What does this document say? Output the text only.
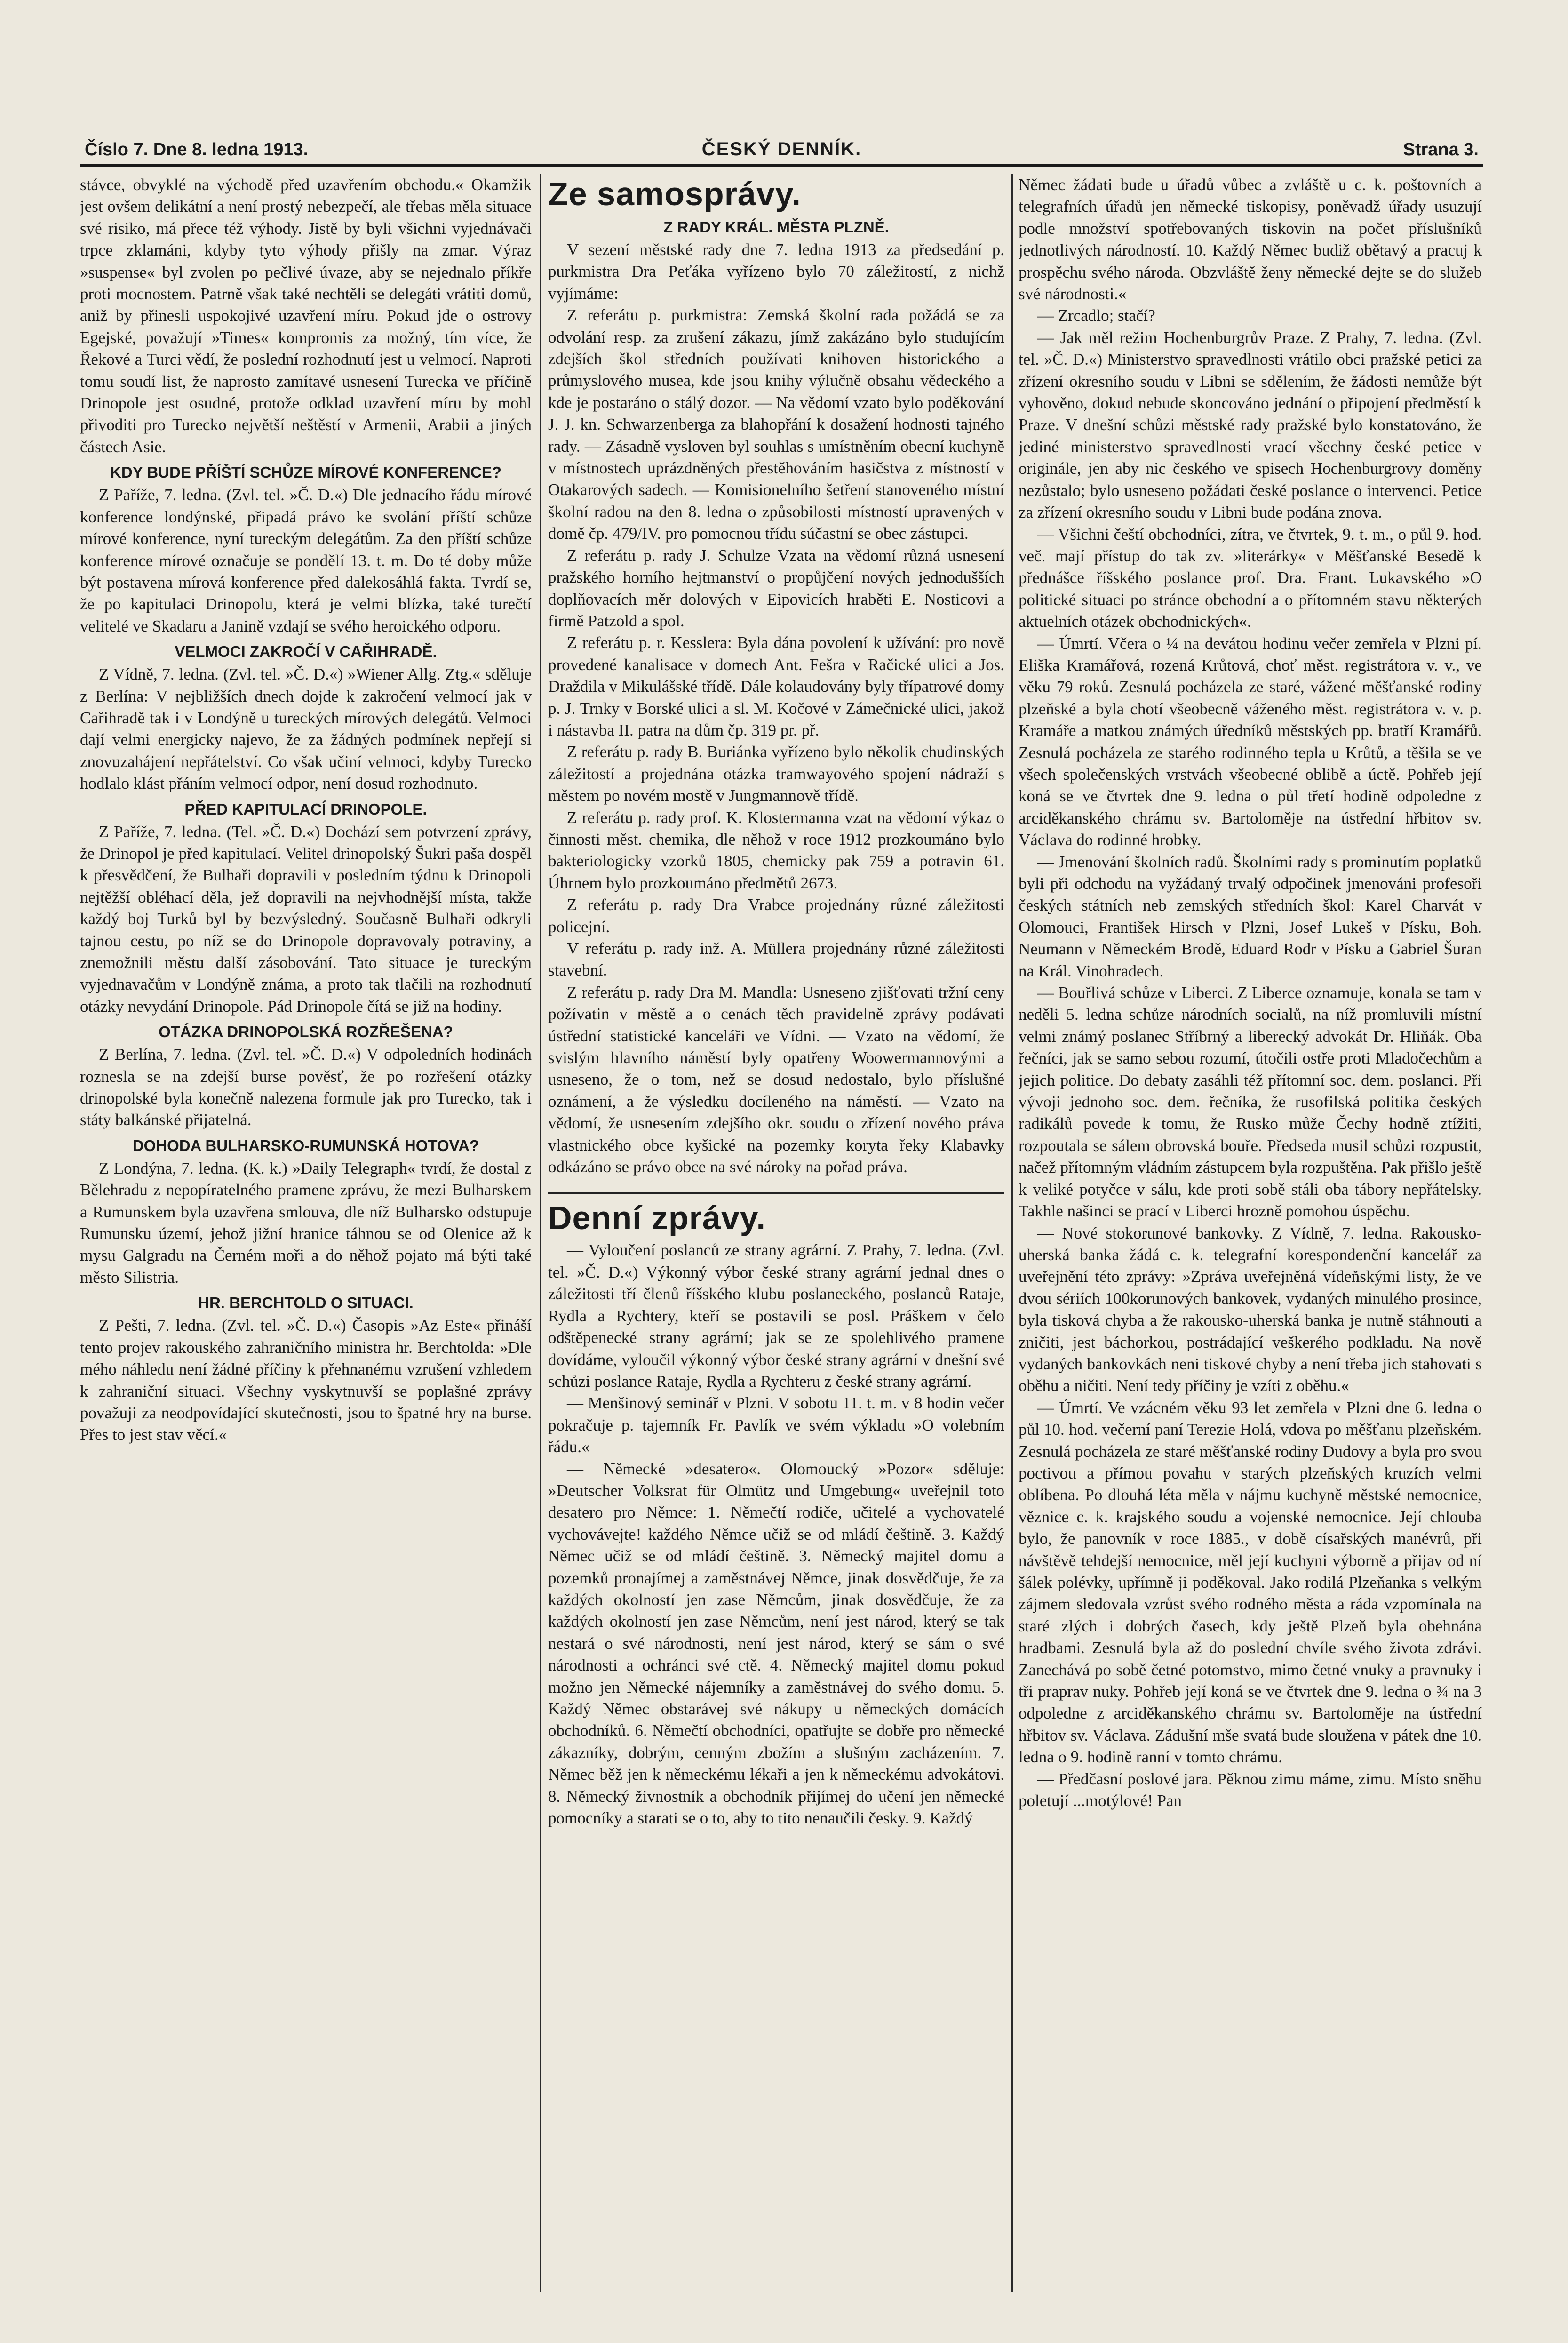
Číslo 7. Dne 8. ledna 1913.	ČESKÝ DENNÍK.	Strana 3.

stávce, obvyklé na východě před uzavřením obchodu.« Okamžik jest ovšem delikátní a není prostý nebezpečí, ale třebas měla situace své risiko, má přece též výhody. Jistě by byli všichni vyjednávači trpce zklamáni, kdyby tyto výhody přišly na zmar. Výraz »suspense« byl zvolen po pečlivé úvaze, aby se nejednalo příkře proti mocnostem. Patrně však také nechtěli se delegáti vrátiti domů, aniž by přinesli uspokojivé uzavření míru. Pokud jde o ostrovy Egejské, považují »Times« kompromis za možný, tím více, že Řekové a Turci vědí, že poslední rozhodnutí jest u velmocí. Naproti tomu soudí list, že naprosto zamítavé usnesení Turecka ve příčině Drinopole jest osudné, protože odklad uzavření míru by mohl přivoditi pro Turecko největší neštěstí v Armenii, Arabii a jiných částech Asie.

KDY BUDE PŘÍŠTÍ SCHŮZE MÍROVÉ KONFERENCE?

Z Paříže, 7. ledna. (Zvl. tel. »Č. D.«) Dle jednacího řádu mírové konference londýnské, připadá právo ke svolání příští schůze mírové konference, nyní tureckým delegátům. Za den příští schůze konference mírové označuje se pondělí 13. t. m. Do té doby může být postavena mírová konference před dalekosáhlá fakta. Tvrdí se, že po kapitulaci Drinopolu, která je velmi blízka, také turečtí velitelé ve Skadaru a Janině vzdají se svého heroického odporu.

VELMOCI ZAKROČÍ V CAŘIHRADĚ.

Z Vídně, 7. ledna. (Zvl. tel. »Č. D.«) »Wiener Allg. Ztg.« sděluje z Berlína: V nejbližších dnech dojde k zakročení velmocí jak v Cařihradě tak i v Londýně u tureckých mírových delegátů. Velmoci dají velmi energicky najevo, že za žádných podmínek nepřejí si znovuzahájení nepřátelství. Co však učiní velmoci, kdyby Turecko hodlalo klást přáním velmocí odpor, není dosud rozhodnuto.

PŘED KAPITULACÍ DRINOPOLE.

Z Paříže, 7. ledna. (Tel. »Č. D.«) Dochází sem potvrzení zprávy, že Drinopol je před kapitulací. Velitel drinopolský Šukri paša dospěl k přesvědčení, že Bulhaři dopravili v posledním týdnu k Drinopoli nejtěžší obléhací děla, jež dopravili na nejvhodnější místa, takže každý boj Turků byl by bezvýsledný. Současně Bulhaři odkryli tajnou cestu, po níž se do Drinopole dopravovaly potraviny, a znemožnili městu další zásobování. Tato situace je tureckým vyjednavačům v Londýně známa, a proto tak tlačili na rozhodnutí otázky nevydání Drinopole. Pád Drinopole čítá se již na hodiny.

OTÁZKA DRINOPOLSKÁ ROZŘEŠENA?

Z Berlína, 7. ledna. (Zvl. tel. »Č. D.«) V odpoledních hodinách roznesla se na zdejší burse pověsť, že po rozřešení otázky drinopolské byla konečně nalezena formule jak pro Turecko, tak i státy balkánské přijatelná.

DOHODA BULHARSKO-RUMUNSKÁ HOTOVA?

Z Londýna, 7. ledna. (K. k.) »Daily Telegraph« tvrdí, že dostal z Bělehradu z nepopíratelného pramene zprávu, že mezi Bulharskem a Rumunskem byla uzavřena smlouva, dle níž Bulharsko odstupuje Rumunsku území, jehož jižní hranice táhnou se od Olenice až k mysu Galgradu na Černém moři a do něhož pojato má býti také město Silistria.

HR. BERCHTOLD O SITUACI.

Z Pešti, 7. ledna. (Zvl. tel. »Č. D.«) Časopis »Az Este« přináší tento projev rakouského zahraničního ministra hr. Berchtolda: »Dle mého náhledu není žádné příčiny k přehnanému vzrušení vzhledem k zahraniční situaci. Všechny vyskytnuvší se poplašné zprávy považuji za neodpovídající skutečnosti, jsou to špatné hry na burse. Přes to jest stav věcí.«

Ze samosprávy.
Z RADY KRÁL. MĚSTA PLZNĚ.

V sezení městské rady dne 7. ledna 1913 za předsedání p. purkmistra Dra Peťáka vyřízeno bylo 70 záležitostí, z nichž vyjímáme:

Z referátu p. purkmistra: Zemská školní rada požádá se za odvolání resp. za zrušení zákazu, jímž zakázáno bylo studujícím zdejších škol středních používati knihoven historického a průmyslového musea, kde jsou knihy výlučně obsahu vědeckého a kde je postaráno o stálý dozor. — Na vědomí vzato bylo poděkování J. J. kn. Schwarzenberga za blahopřání k dosažení hodnosti tajného rady. — Zásadně vysloven byl souhlas s umístněním obecní kuchyně v místnostech uprázdněných přestěhováním hasičstva z místností v Otakarových sadech. — Komisionelního šetření stanoveného místní školní radou na den 8. ledna o způsobilosti místností upravených v domě čp. 479/IV. pro pomocnou třídu súčastní se obec zástupci.

Z referátu p. rady J. Schulze Vzata na vědomí různá usnesení pražského horního hejtmanství o propůjčení nových jednodušších doplňovacích měr dolových v Eipovicích hraběti E. Nosticovi a firmě Patzold a spol.

Z referátu p. r. Kesslera: Byla dána povolení k užívání: pro nově provedené kanalisace v domech Ant. Fešra v Račické ulici a Jos. Draždila v Mikulášské třídě. Dále kolaudovány byly třípatrové domy p. J. Trnky v Borské ulici a sl. M. Kočové v Zámečnické ulici, jakož i nástavba II. patra na dům čp. 319 pr. př.

Z referátu p. rady B. Buriánka vyřízeno bylo několik chudinských záležitostí a projednána otázka tramwayového spojení nádraží s městem po novém mostě v Jungmannově třídě.

Z referátu p. rady prof. K. Klostermanna vzat na vědomí výkaz o činnosti měst. chemika, dle něhož v roce 1912 prozkoumáno bylo bakteriologicky vzorků 1805, chemicky pak 759 a potravin 61. Úhrnem bylo prozkoumáno předmětů 2673.

Z referátu p. rady Dra Vrabce projednány různé záležitosti policejní.

V referátu p. rady inž. A. Müllera projednány různé záležitosti stavební.

Z referátu p. rady Dra M. Mandla: Usneseno zjišťovati tržní ceny požívatin v městě a o cenách těch pravidelně zprávy podávati ústřední statistické kanceláři ve Vídni. — Vzato na vědomí, že svislým hlavního náměstí byly opatřeny Woowermannovými a usneseno, že o tom, než se dosud nedostalo, bylo příslušné oznámení, a že výsledku docíleného na náměstí. — Vzato na vědomí, že usnesením zdejšího okr. soudu o zřízení nového práva vlastnického obce kyšické na pozemky koryta řeky Klabavky odkázáno se právo obce na své nároky na pořad práva.

Denní zprávy.

— Vyloučení poslanců ze strany agrární. Z Prahy, 7. ledna. (Zvl. tel. »Č. D.«) Výkonný výbor české strany agrární jednal dnes o záležitosti tří členů říšského klubu poslaneckého, poslanců Rataje, Rydla a Rychtery, kteří se postavili se posl. Práškem v čelo odštěpenecké strany agrární; jak se ze spolehlivého pramene dovídáme, vyloučil výkonný výbor české strany agrární v dnešní své schůzi poslance Rataje, Rydla a Rychteru z české strany agrární.

— Menšinový seminář v Plzni. V sobotu 11. t. m. v 8 hodin večer pokračuje p. tajemník Fr. Pavlík ve svém výkladu »O volebním řádu.«

— Německé »desatero«. Olomoucký »Pozor« sděluje: »Deutscher Volksrat für Olmütz und Umgebung« uveřejnil toto desatero pro Němce: 1. Němečtí rodiče, učitelé a vychovatelé vychovávejte! každého Němce učiž se od mládí češtině. 3. Každý Němec učiž se od mládí češtině. 3. Německý majitel domu a pozemků pronajímej a zaměstnávej Němce, jinak dosvědčuje, že za každých okolností jen zase Němcům, jinak dosvědčuje, že za každých okolností jen zase Němcům, není jest národ, který se tak nestará o své národnosti, není jest národ, který se sám o své národnosti a ochránci své ctě. 4. Německý majitel domu pokud možno jen Německé nájemníky a zaměstnávej do svého domu. 5. Každý Němec obstarávej své nákupy u německých domácích obchodníků. 6. Němečtí obchodníci, opatřujte se dobře pro německé zákazníky, dobrým, cenným zbožím a slušným zacházením. 7. Němec běž jen k německému lékaři a jen k německému advokátovi. 8. Německý živnostník a obchodník přijímej do učení jen německé pomocníky a starati se o to, aby to tito nenaučili česky. 9. Každý

Němec žádati bude u úřadů vůbec a zvláště u c. k. poštovních a telegrafních úřadů jen německé tiskopisy, poněvadž úřady usuzují podle množství spotřebovaných tiskovin na počet příslušníků jednotlivých národností. 10. Každý Němec budiž obětavý a pracuj k prospěchu svého národa. Obzvláště ženy německé dejte se do služeb své národnosti.«

— Zrcadlo; stačí?

— Jak měl režim Hochenburgrův Praze. Z Prahy, 7. ledna. (Zvl. tel. »Č. D.«) Ministerstvo spravedlnosti vrátilo obci pražské petici za zřízení okresního soudu v Libni se sdělením, že žádosti nemůže být vyhověno, dokud nebude skoncováno jednání o připojení předměstí k Praze. V dnešní schůzi městské rady pražské bylo konstatováno, že jediné ministerstvo spravedlnosti vrací všechny české petice v originále, jen aby nic českého ve spisech Hochenburgrovy doměny nezůstalo; bylo usneseno požádati české poslance o intervenci. Petice za zřízení okresního soudu v Libni bude podána znova.

— Všichni čeští obchodníci, zítra, ve čtvrtek, 9. t. m., o půl 9. hod. več. mají přístup do tak zv. »literárky« v Měšťanské Besedě k přednášce říšského poslance prof. Dra. Frant. Lukavského »O politické situaci po stránce obchodní a o přítomném stavu některých aktuelních otázek obchodnických«.

— Úmrtí. Včera o ¼ na devátou hodinu večer zemřela v Plzni pí. Eliška Kramářová, rozená Krůtová, choť měst. registrátora v. v., ve věku 79 roků. Zesnulá pocházela ze staré, vážené měšťanské rodiny plzeňské a byla chotí všeobecně váženého měst. registrátora v. v. p. Kramáře a matkou známých úředníků městských pp. bratří Kramářů. Zesnulá pocházela ze starého rodinného tepla u Krůtů, a těšila se ve všech společenských vrstvách všeobecné oblibě a úctě. Pohřeb její koná se ve čtvrtek dne 9. ledna o půl třetí hodině odpoledne z arciděkanského chrámu sv. Bartoloměje na ústřední hřbitov sv. Václava do rodinné hrobky.

— Jmenování školních radů. Školními rady s prominutím poplatků byli při odchodu na vyžádaný trvalý odpočinek jmenováni profesoři českých státních neb zemských středních škol: Karel Charvát v Olomouci, František Hirsch v Plzni, Josef Lukeš v Písku, Boh. Neumann v Německém Brodě, Eduard Rodr v Písku a Gabriel Šuran na Král. Vinohradech.

— Bouřlivá schůze v Liberci. Z Liberce oznamuje, konala se tam v neděli 5. ledna schůze národních socialů, na níž promluvili místní velmi známý poslanec Stříbrný a liberecký advokát Dr. Hliňák. Oba řečníci, jak se samo sebou rozumí, útočili ostře proti Mladočechům a jejich politice. Do debaty zasáhli též přítomní soc. dem. poslanci. Při vývoji jednoho soc. dem. řečníka, že rusofilská politika českých radikálů povede k tomu, že Rusko může Čechy hodně ztížiti, rozpoutala se sálem obrovská bouře. Předseda musil schůzi rozpustit, načež přítomným vládním zástupcem byla rozpuštěna. Pak přišlo ještě k veliké potyčce v sálu, kde proti sobě stáli oba tábory nepřátelsky. Takhle našinci se prací v Liberci hrozně pomohou úspěchu.

— Nové stokorunové bankovky. Z Vídně, 7. ledna. Rakousko-uherská banka žádá c. k. telegrafní korespondenční kancelář za uveřejnění této zprávy: »Zpráva uveřejněná vídeňskými listy, že ve dvou sériích 100korunových bankovek, vydaných minulého prosince, byla tisková chyba a že rakousko-uherská banka je nutně stáhnouti a zničiti, jest báchorkou, postrádající veškerého podkladu. Na nově vydaných bankovkách neni tiskové chyby a není třeba jich stahovati s oběhu a ničiti. Není tedy příčiny je vzíti z oběhu.«

— Úmrtí. Ve vzácném věku 93 let zemřela v Plzni dne 6. ledna o půl 10. hod. večerní paní Terezie Holá, vdova po měšťanu plzeňském. Zesnulá pocházela ze staré měšťanské rodiny Dudovy a byla pro svou poctivou a přímou povahu v starých plzeňských kruzích velmi oblíbena. Po dlouhá léta měla v nájmu kuchyně městské nemocnice, věznice c. k. krajského soudu a vojenské nemocnice. Její chlouba bylo, že panovník v roce 1885., v době císařských manévrů, při návštěvě tehdejší nemocnice, měl její kuchyni výborně a přijav od ní šálek polévky, upřímně ji poděkoval. Jako rodilá Plzeňanka s velkým zájmem sledovala vzrůst svého rodného města a ráda vzpomínala na staré zlých i dobrých časech, kdy ještě Plzeň byla obehnána hradbami. Zesnulá byla až do poslední chvíle svého života zdrávi. Zanechává po sobě četné potomstvo, mimo četné vnuky a pravnuky i tři praprav nuky. Pohřeb její koná se ve čtvrtek dne 9. ledna o ¾ na 3 odpoledne z arciděkanského chrámu sv. Bartoloměje na ústřední hřbitov sv. Václava. Zádušní mše svatá bude sloužena v pátek dne 10. ledna o 9. hodině ranní v tomto chrámu.

— Předčasní poslové jara. Pěknou zimu máme, zimu. Místo sněhu poletují ...motýlové! Pan
